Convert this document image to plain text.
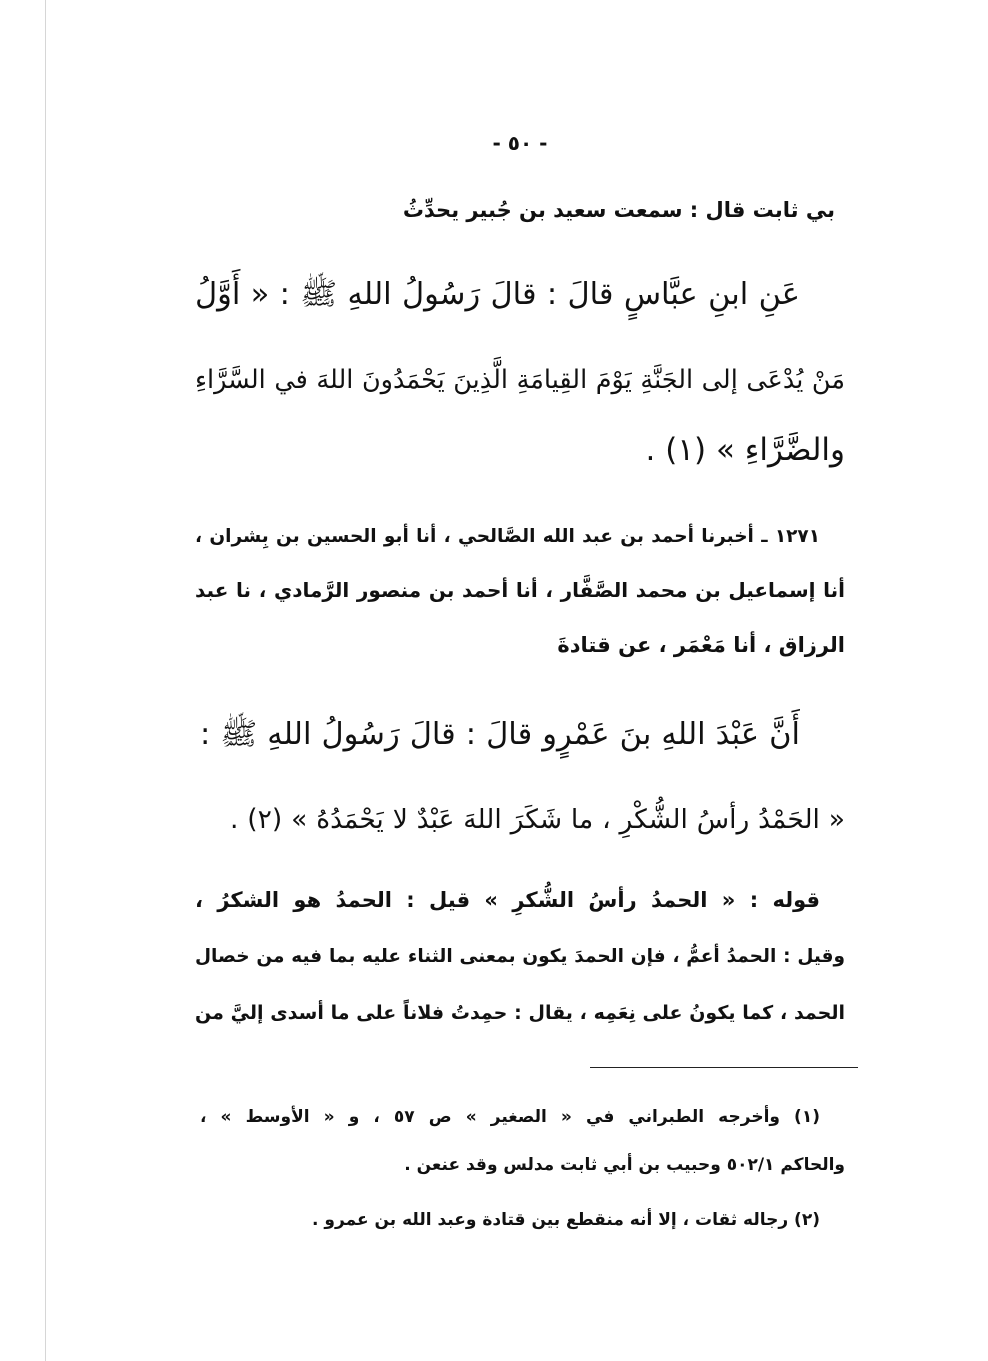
- ٥٠ -
بي ثابت قال : سمعت سعيد بن جُبير يحدِّثُ
عَنِ ابنِ عبَّاسٍ قالَ : قالَ رَسُولُ اللهِ ﷺ : « أَوَّلُ
مَنْ يُدْعَى إلى الجَنَّةِ يَوْمَ القِيامَةِ الَّذِينَ يَحْمَدُونَ اللهَ في السَّرَّاءِ
والضَّرَّاءِ » (١) .
١٢٧١ ـ أخبرنا أحمد بن عبد الله الصَّالحي ، أنا أبو الحسين بن بِشران ،
أنا إسماعيل بن محمد الصَّفَّار ، أنا أحمد بن منصور الرَّمادي ، نا عبد
الرزاق ، أنا مَعْمَر ، عن قتادةَ
أَنَّ عَبْدَ اللهِ بنَ عَمْرٍو قالَ : قالَ رَسُولُ اللهِ ﷺ :
« الحَمْدُ رأسُ الشُّكْرِ ، ما شَكَرَ اللهَ عَبْدٌ لا يَحْمَدُهُ » (٢) .
قوله : « الحمدُ رأسُ الشُّكرِ » قيل : الحمدُ هو الشكرُ ،
وقيل : الحمدُ أعمُّ ، فإن الحمدَ يكون بمعنى الثناء عليه بما فيه من خصال
الحمد ، كما يكونُ على نِعَمِه ، يقال : حمِدتُ فلاناً على ما أسدى إليَّ من
(١) وأخرجه الطبراني في « الصغير » ص ٥٧ ، و « الأوسط » ،
والحاكم ٥٠٢/١ وحبيب بن أبي ثابت مدلس وقد عنعن .
(٢) رجاله ثقات ، إلا أنه منقطع بين قتادة وعبد الله بن عمرو .
